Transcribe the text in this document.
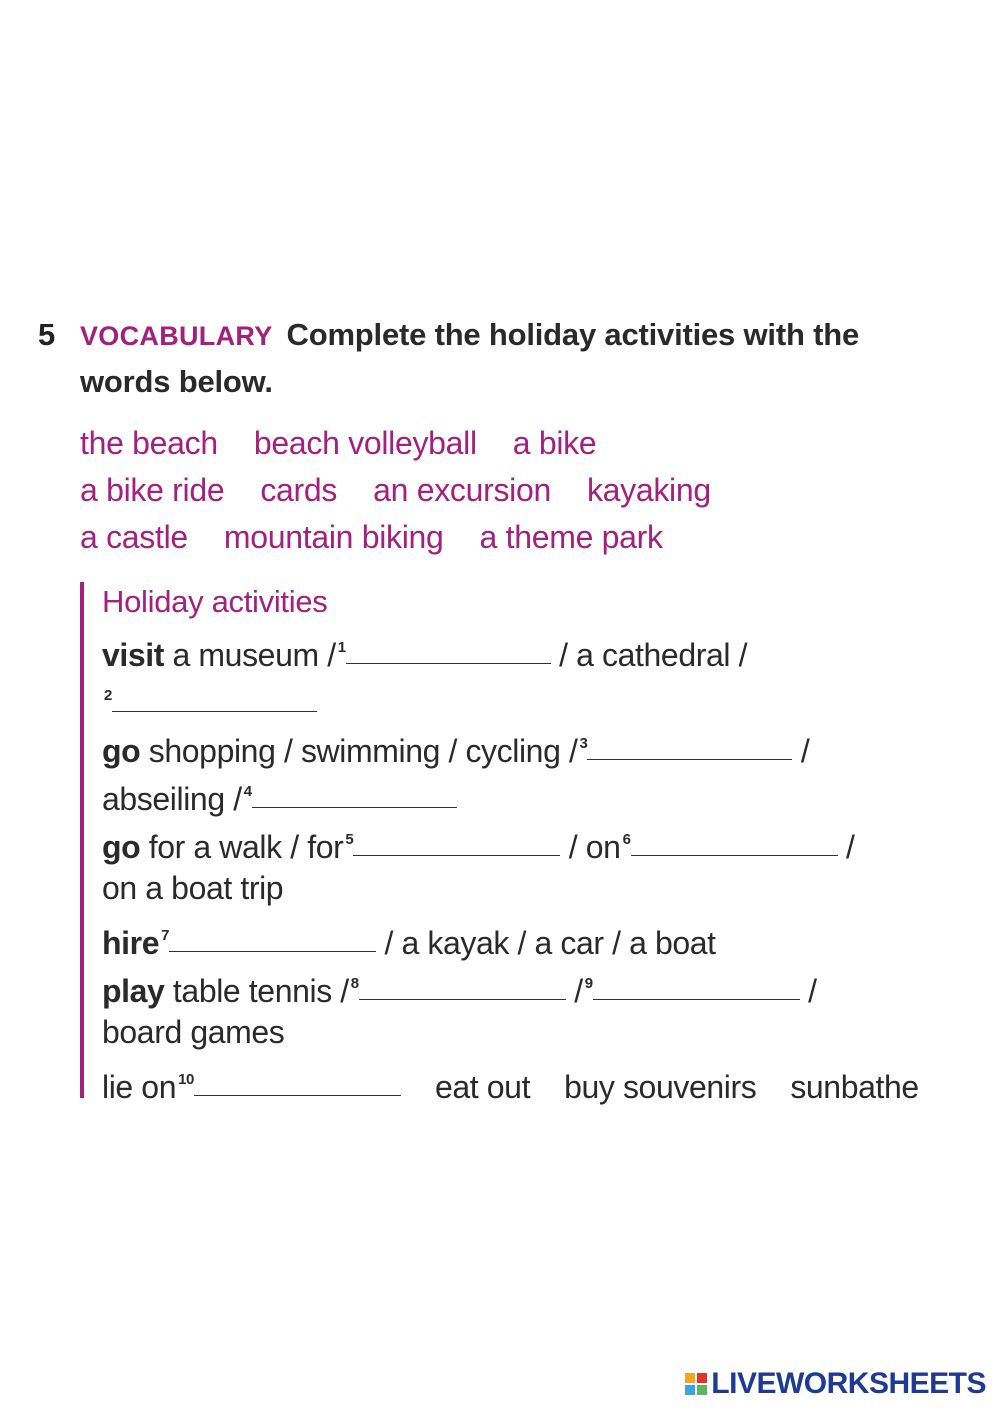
5 VOCABULARY Complete the holiday activities with the
words below.
the beach beach volleyball a bike
a bike ride cards an excursion kayaking
a castle mountain biking a theme park
Holiday activities
visit a museum / $^1$	/ a cathedral /
$^2$
go shopping / swimming / cycling / $^3$	/
abseiling / $^4$
go for a walk / for $^5$	/ on $^6$	/
on a boat trip
hire $^7$	/ a kayak / a car / a boat
play table tennis / $^8$	/ $^9$	/
board games
lie on $^{10}$	eat out buy souvenirs sunbathe
LIVEWORKSHEETS
